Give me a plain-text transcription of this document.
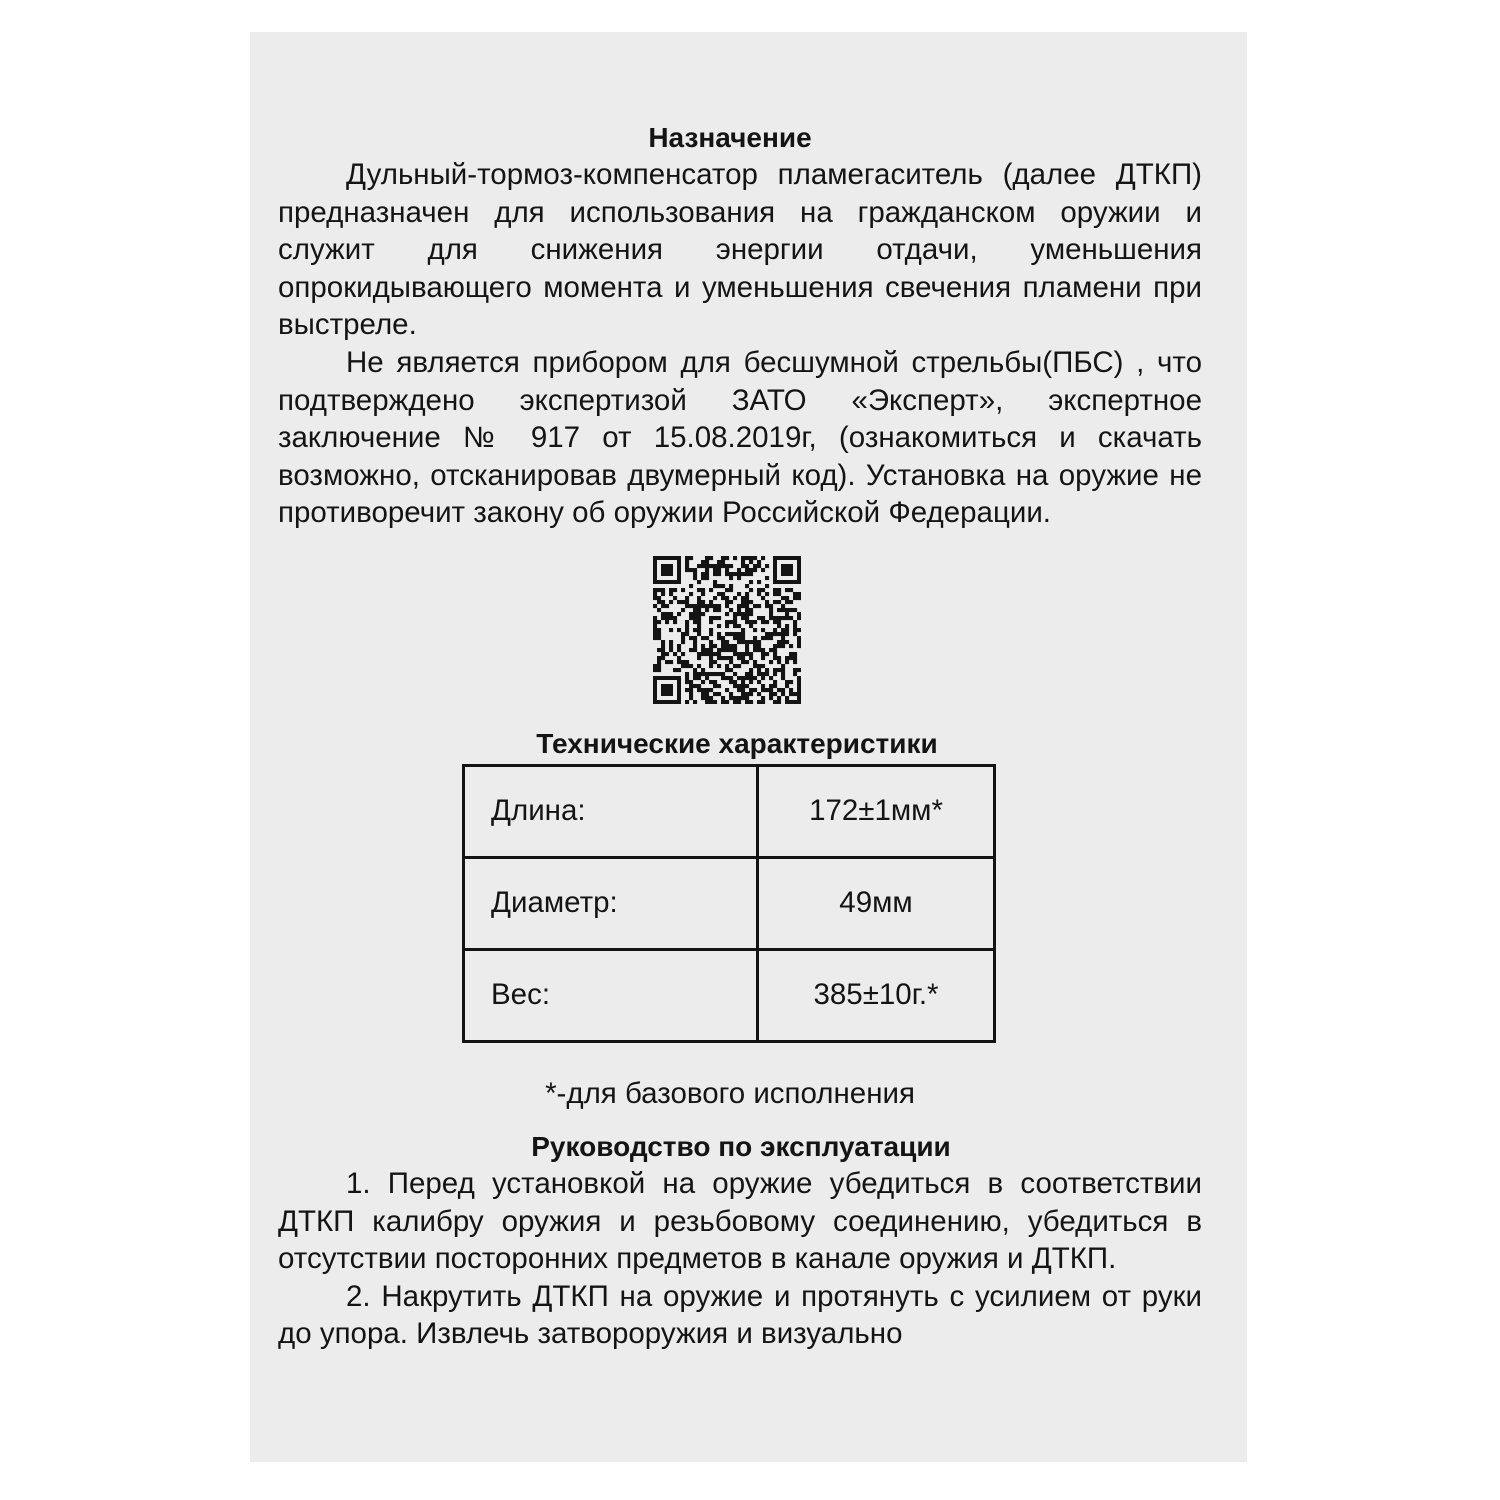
Назначение

Дульный-тормоз-компенсатор пламегаситель (далее ДТКП) предназначен для использования на гражданском оружии и служит для снижения энергии отдачи, уменьшения опрокидывающего момента и уменьшения свечения пламени при выстреле.

Не является прибором для бесшумной стрельбы(ПБС) , что подтверждено экспертизой ЗАТО «Эксперт», экспертное заключение № 917 от 15.08.2019г, (ознакомиться и скачать возможно, отсканировав двумерный код). Установка на оружие не противоречит закону об оружии Российской Федерации.

Технические характеристики
Длина:	172±1мм*
Диаметр:	49мм
Вес:	385±10г.*
*-для базового исполнения
Руководство по эксплуатации

1. Перед установкой на оружие убедиться в соответствии ДТКП калибру оружия и резьбовому соединению, убедиться в отсутствии посторонних предметов в канале оружия и ДТКП.

2. Накрутить ДТКП на оружие и протянуть с усилием от руки до упора. Извлечь затвороружия и визуально
